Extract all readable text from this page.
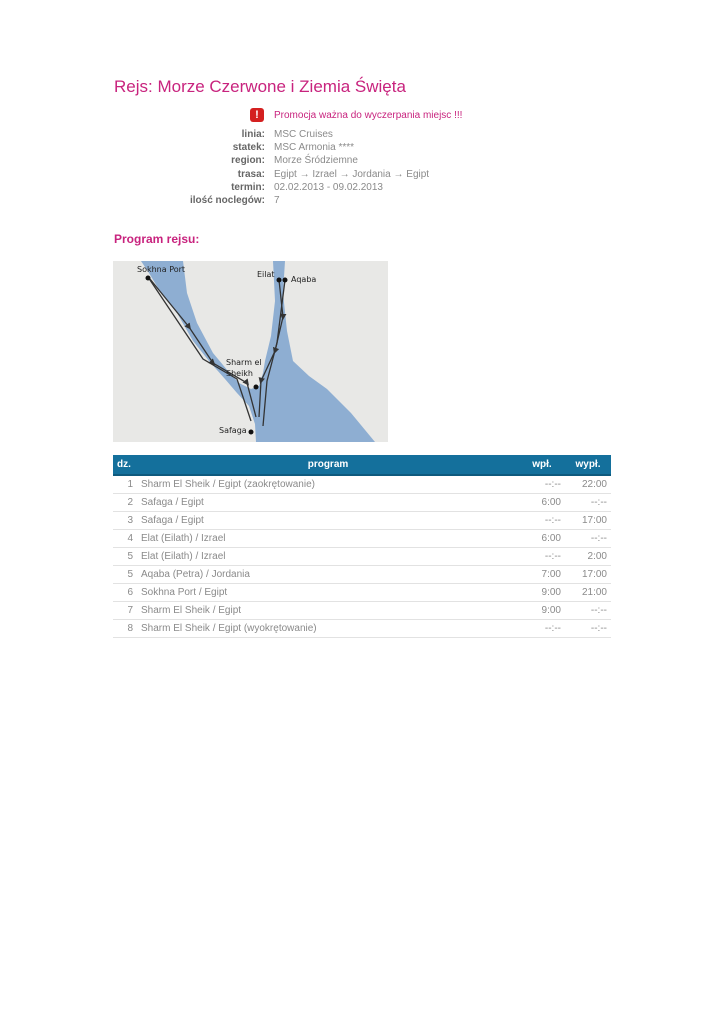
Rejs: Morze Czerwone i Ziemia Święta
!	Promocja ważna do wyczerpania miejsc !!!
linia:	MSC Cruises
statek:	MSC Armonia ****
region:	Morze Śródziemne
trasa:	Egipt → Izrael → Jordania → Egipt
termin:	02.02.2013 - 09.02.2013
ilość noclegów:	7
Program rejsu:
Sokhna Port
Eilat
Aqaba
Sharm el
Sheikh
Safaga
dz.	program	wpł.	wypł.
1	Sharm El Sheik / Egipt (zaokrętowanie)	--:--	22:00
2	Safaga / Egipt	6:00	--:--
3	Safaga / Egipt	--:--	17:00
4	Elat (Eilath) / Izrael	6:00	--:--
5	Elat (Eilath) / Izrael	--:--	2:00
5	Aqaba (Petra) / Jordania	7:00	17:00
6	Sokhna Port / Egipt	9:00	21:00
7	Sharm El Sheik / Egipt	9:00	--:--
8	Sharm El Sheik / Egipt (wyokrętowanie)	--:--	--:--
